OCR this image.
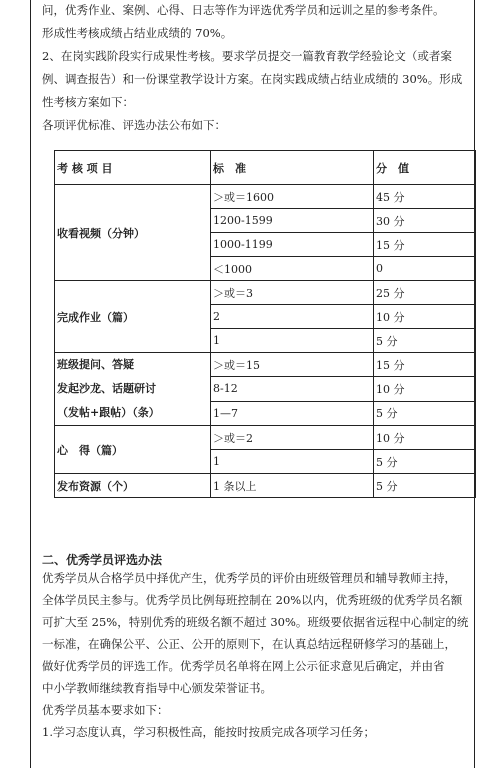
问，优秀作业、案例、心得、日志等作为评选优秀学员和远训之星的参考条件。
形成性考核成绩占结业成绩的 70%。
2、在岗实践阶段实行成果性考核。要求学员提交一篇教育教学经验论文（或者案
例、调查报告）和一份课堂教学设计方案。在岗实践成绩占结业成绩的 30%。形成
性考核方案如下：
各项评优标准、评选办法公布如下：
考 核 项 目	标　准	分　值

收看视频（分钟）	＞或＝1600	45 分
	1200-1599	30 分
	1000-1199	15 分
	＜1000	0

完成作业（篇）	＞或＝3	25 分
	2	10 分
	1	5 分

班级提问、答疑
发起沙龙、话题研讨
（发帖+跟帖）（条）	＞或＝15	15 分
	8-12	10 分
	1—7	5 分

心　得（篇）	＞或＝2	10 分
	1	5 分

发布资源（个）	1 条以上	5 分
二、优秀学员评选办法
优秀学员从合格学员中择优产生，优秀学员的评价由班级管理员和辅导教师主持，
全体学员民主参与。优秀学员比例每班控制在 20%以内，优秀班级的优秀学员名额
可扩大至 25%，特别优秀的班级名额不超过 30%。班级要依据省远程中心制定的统
一标准，在确保公平、公正、公开的原则下，在认真总结远程研修学习的基础上，
做好优秀学员的评选工作。优秀学员名单将在网上公示征求意见后确定，并由省
中小学教师继续教育指导中心颁发荣誉证书。
优秀学员基本要求如下：
1.学习态度认真，学习积极性高，能按时按质完成各项学习任务；
